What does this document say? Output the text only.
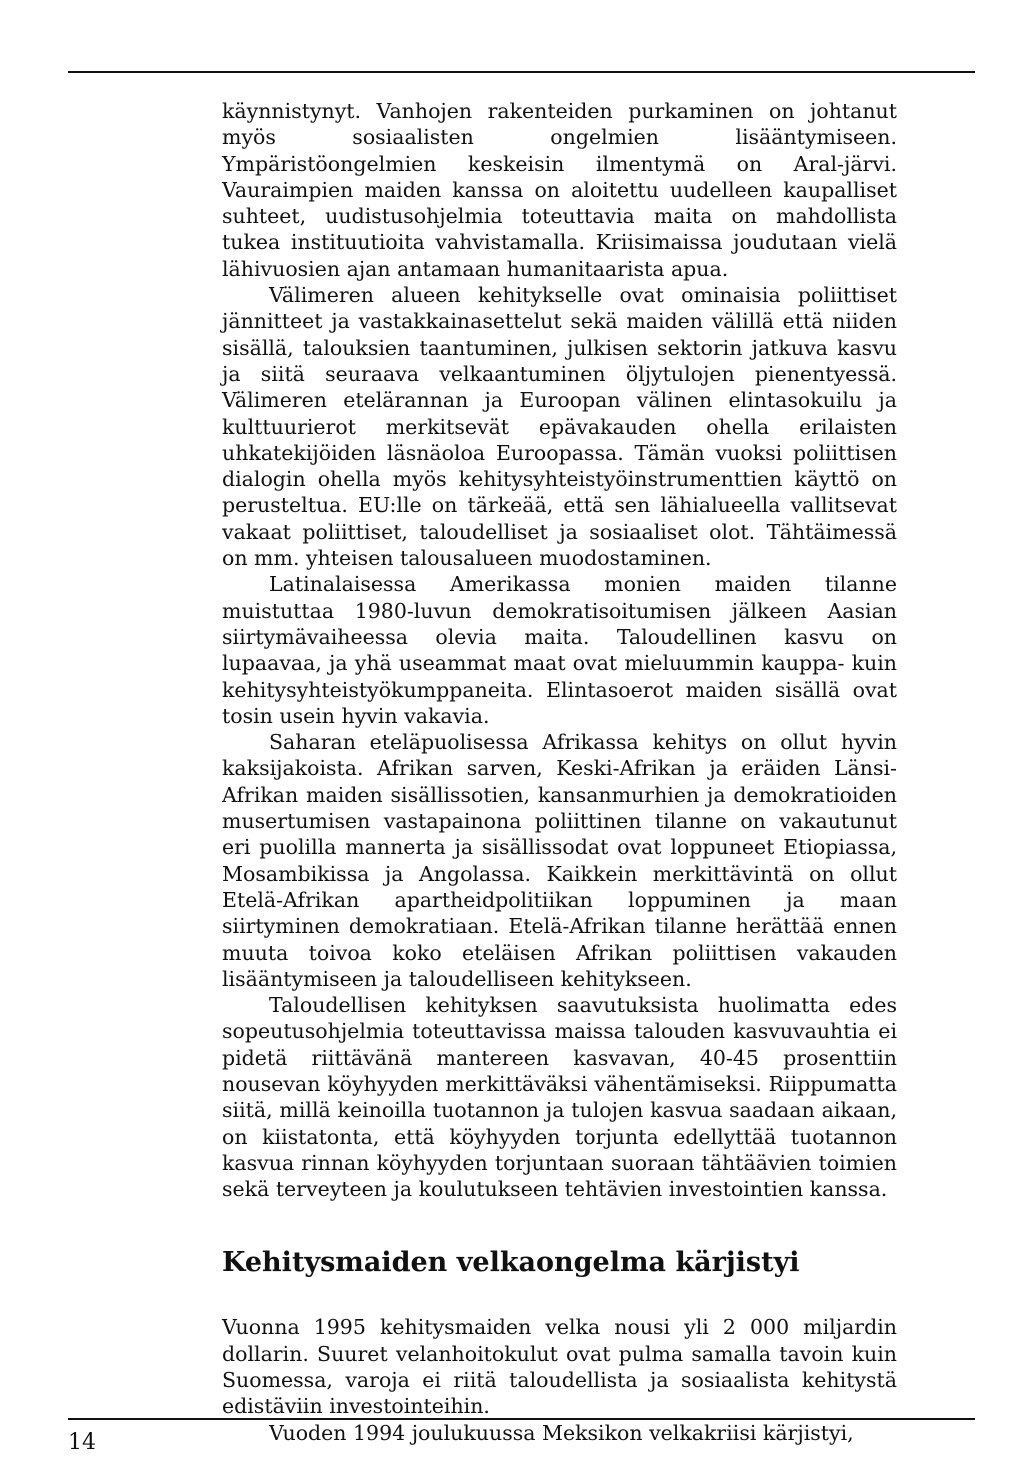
käynnistynyt. Vanhojen rakenteiden purkaminen on johtanut myös sosiaalisten ongelmien lisääntymiseen. Ympäristöongelmien keskeisin ilmentymä on Aral-järvi. Vauraimpien maiden kanssa on aloitettu uudelleen kaupalliset suhteet, uudistusohjelmia toteuttavia maita on mahdollista tukea instituutioita vahvistamalla. Kriisimaissa joudutaan vielä lähivuosien ajan antamaan humanitaarista apua.

Välimeren alueen kehitykselle ovat ominaisia poliittiset jännitteet ja vastakkainasettelut sekä maiden välillä että niiden sisällä, talouksien taantuminen, julkisen sektorin jatkuva kasvu ja siitä seuraava velkaantuminen öljytulojen pienentyessä. Välimeren etelärannan ja Euroopan välinen elintasokuilu ja kulttuurierot merkitsevät epävakauden ohella erilaisten uhkatekijöiden läsnäoloa Euroopassa. Tämän vuoksi poliittisen dialogin ohella myös kehitysyhteistyöinstrumenttien käyttö on perusteltua. EU:lle on tärkeää, että sen lähialueella vallitsevat vakaat poliittiset, taloudelliset ja sosiaaliset olot. Tähtäimessä on mm. yhteisen talousalueen muodostaminen.

Latinalaisessa Amerikassa monien maiden tilanne muistuttaa 1980-luvun demokratisoitumisen jälkeen Aasian siirtymävaiheessa olevia maita. Taloudellinen kasvu on lupaavaa, ja yhä useammat maat ovat mieluummin kauppa- kuin kehitysyhteistyökumppaneita. Elintasoerot maiden sisällä ovat tosin usein hyvin vakavia.

Saharan eteläpuolisessa Afrikassa kehitys on ollut hyvin kaksijakoista. Afrikan sarven, Keski-Afrikan ja eräiden Länsi-Afrikan maiden sisällissotien, kansanmurhien ja demokratioiden musertumisen vastapainona poliittinen tilanne on vakautunut eri puolilla mannerta ja sisällissodat ovat loppuneet Etiopiassa, Mosambikissa ja Angolassa. Kaikkein merkittävintä on ollut Etelä-Afrikan apartheidpolitiikan loppuminen ja maan siirtyminen demokratiaan. Etelä-Afrikan tilanne herättää ennen muuta toivoa koko eteläisen Afrikan poliittisen vakauden lisääntymiseen ja taloudelliseen kehitykseen.

Taloudellisen kehityksen saavutuksista huolimatta edes sopeutusohjelmia toteuttavissa maissa talouden kasvuvauhtia ei pidetä riittävänä mantereen kasvavan, 40-45 prosenttiin nousevan köyhyyden merkittäväksi vähentämiseksi. Riippumatta siitä, millä keinoilla tuotannon ja tulojen kasvua saadaan aikaan, on kiistatonta, että köyhyyden torjunta edellyttää tuotannon kasvua rinnan köyhyyden torjuntaan suoraan tähtäävien toimien sekä terveyteen ja koulutukseen tehtävien investointien kanssa.

Kehitysmaiden velkaongelma kärjistyi

Vuonna 1995 kehitysmaiden velka nousi yli 2 000 miljardin dollarin. Suuret velanhoitokulut ovat pulma samalla tavoin kuin Suomessa, varoja ei riitä taloudellista ja sosiaalista kehitystä edistäviin investointeihin.

Vuoden 1994 joulukuussa Meksikon velkakriisi kärjistyi,

14
